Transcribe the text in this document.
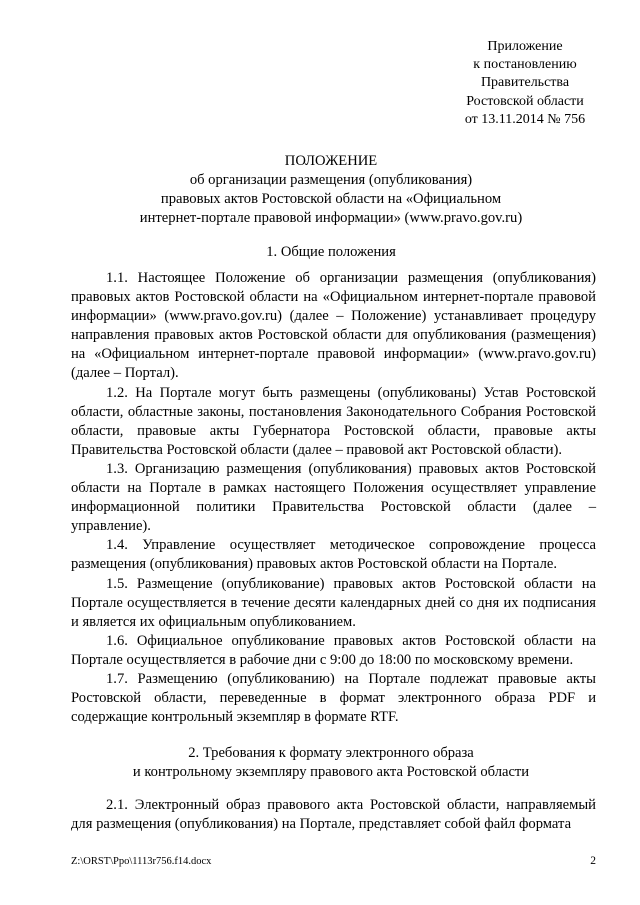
Приложение
к постановлению
Правительства
Ростовской области
от 13.11.2014 № 756
ПОЛОЖЕНИЕ
об организации размещения (опубликования)
правовых актов Ростовской области на «Официальном
интернет-портале правовой информации» (www.pravo.gov.ru)
1. Общие положения

1.1. Настоящее Положение об организации размещения (опубликования) правовых актов Ростовской области на «Официальном интернет-портале правовой информации» (www.pravo.gov.ru) (далее – Положение) устанавливает процедуру направления правовых актов Ростовской области для опубликования (размещения) на «Официальном интернет-портале правовой информации» (www.pravo.gov.ru) (далее – Портал).

1.2. На Портале могут быть размещены (опубликованы) Устав Ростовской области, областные законы, постановления Законодательного Собрания Ростовской области, правовые акты Губернатора Ростовской области, правовые акты Правительства Ростовской области (далее – правовой акт Ростовской области).

1.3. Организацию размещения (опубликования) правовых актов Ростовской области на Портале в рамках настоящего Положения осуществляет управление информационной политики Правительства Ростовской области (далее – управление).

1.4. Управление осуществляет методическое сопровождение процесса размещения (опубликования) правовых актов Ростовской области на Портале.

1.5. Размещение (опубликование) правовых актов Ростовской области на Портале осуществляется в течение десяти календарных дней со дня их подписания и является их официальным опубликованием.

1.6. Официальное опубликование правовых актов Ростовской области на Портале осуществляется в рабочие дни с 9:00 до 18:00 по московскому времени.

1.7. Размещению (опубликованию) на Портале подлежат правовые акты Ростовской области, переведенные в формат электронного образа PDF и содержащие контрольный экземпляр в формате RTF.

2. Требования к формату электронного образа
и контрольному экземпляру правового акта Ростовской области

2.1. Электронный образ правового акта Ростовской области, направляемый для размещения (опубликования) на Портале, представляет собой файл формата

Z:\ORST\Ppo\1113r756.f14.docx	2
